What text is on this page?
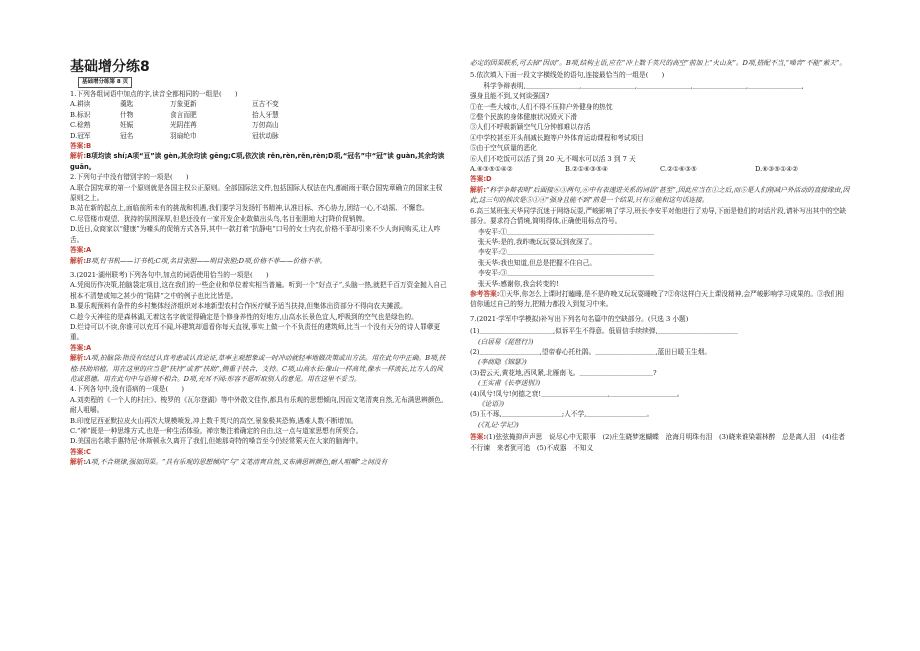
基础增分练8
基础增分练第 8 页

1.下列各组词语中加点的字,读音全都相同的一组是(　　)

A.耕读	羹匙	万象更新	亘古不变
B.标识	什物	食言而肥	拾人牙慧
C.稔熟	妊娠	光阴荏苒	万仞高山
D.冠军	冠名	羽扇纶巾	冠状动脉

答案:B

解析:B项均读 shí;A项“亘”读 gèn,其余均读 gēng;C项,依次读 rěn,rèn,rěn,rèn;D项,“冠名”中“冠”读 guàn,其余均读 guān。

2.下列句子中没有错别字的一项是(　　)

A.联合国宪章的第一个原则就是各国主权公正原则。全部国际法文件,包括国际人权法在内,都耐雨于联合国宪章确立的国家主权原则之上。

B.站在新的起点上,面临前所未有的挑战和机遇,我们要学习发扬钉书精神,认准目标、齐心协力,团结一心,不动摇、不懈怠。

C.尽管楼市观望、犹持的氛围深厚,但是还没有一家开发企业敢做出头鸟,名目张胆地大打降价促销牌。

D.近日,众商家以“健康”为噱头的促销方式各异,其中一款打着“抗静电”口号的女士内衣,价格不菲却引来不少人询问购买,让人咋舌。

答案:A

解析:B项,钉书机——订书机;C项,名目张胆——明目张胆;D项,价格不菲——价格不菲。

3.(2021·湖州联考)下列各句中,加点的词语使用恰当的一项是(　　)

A.凭阅历作决策,拍脑袋定项目,这在我们的一些企业和单位着实相当普遍。听到一个“好点子”,头脑一热,就把千百万资金抛入自己根本不清楚或知之甚少的“陷阱”之中的例子也比比皆是。

B.要乐观预料有条件的乡村集体经济组织对本地新型农村合作医疗赋予适当扶持,但集体出资部分不得向农夫摊派。

C.趁今天神往的是森林湖,无着这名字就觉得确定是个修身养性的好地方,山高水长景色宜人,呼吸到的空气也是绿色的。

D.烂诗可以不读,你谁可以充耳不闻,坏建筑却遥看你每天直视,事实上做一个不负责任的建筑师,比当一个没有天分的诗人罪孽更重。

答案:A

解析:A项,拍脑袋:指没有经过认真考虑或认真论证,草率主观想象或一时冲动就轻率地做决策或出方法。用在此句中正确。B项,扶植:扶助培植。用在这里的应当是“扶持”或者“扶助”,侧重于扶合、支持。C项,山高水长:像山一样高耸,像水一样流长,比方人的风范或恩德。用在此句中与语境不相合。D项,充耳不闻:形容不愿听取别人的意见。用在这里不妥当。

4.下列各句中,没有语病的一项是(　　)

A.刘奕程的《一个人的村庄》、梭罗的《瓦尔登湖》等中外散文佳作,都具有乐观的思想倾向,因而文笔清爽自然,无布满思辨颜色,耐人咀嚼。

B.印度尼西亚默拉皮火山再次大规模喷发,冲上数千英尺的高空,景象极其恐怖,遇难人数不断增加。

C.“禅”既是一种思维方式,也是一种生活体验。禅宗集注着确定的自由,这一点与道家思想有所契合。

D.美国出名歌手惠特尼·休斯顿永久离开了我们,但她那奇特的嗓音至今仍经常萦天在大家的脑海中。

答案:C

解析:A项,不合规律,强加因果。“具有乐观的思想倾向”与“文笔清爽自然,又布满思辨颜色,耐人咀嚼”之间没有

必定的因果联系,可去掉“因而”。B项,结构主语,应在“冲上数千英尺的高空”前加上“火山灰”。D项,搭配不当,“嗓音”不能“萦天”。

5.依次填入下面一段文字横线处的语句,连接最恰当的一组是(　　)

　　科学争辩表明,＿＿＿＿＿＿＿＿,＿＿＿＿＿＿＿＿,＿＿＿＿＿＿＿＿,＿＿＿＿＿＿＿＿,＿＿＿＿＿＿＿＿,

强身且能不到,又何谈强国?

①在一些大城市,人们不得不压抑户外健身的热忱

②整个民族的身体健康状况毁灭下滑

③人们不呼吸新颖空气几分钟都难以存活

④中学校甚至开头削减长跑等户外体育运动课程和考试项目

⑤由于空气质量的恶化

⑥人们不吃饭可以活了到 20 天,不喝水可以活 3 到 7 天

A.⑥③⑤①④②	B.②①⑥③⑤④	C.②①⑥③⑤	D.⑥③⑤①④②

答案:D

解析:“科学争辩表明”后面接⑥③两句,⑥中有表递进关系的词语“甚至”,因此应当在①之后,而⑤是人们削减户外活动的直接缘由,因此,这三句的挨次是⑤①④“强身且能不到”前是一个结果,只有②能和这句话连接。

6.高三某班张天华同学沉迷于网络玩耍,严峻影响了学习,班长李安平对他进行了劝导,下面是他们的对话片段,请补写出其中的空缺部分。要求符合情境,简明得体,正确使用标点符号。

李安平:①＿＿＿＿＿＿＿＿＿＿＿＿＿＿＿＿＿＿＿＿＿＿

张天华:是的,我昨晚玩玩耍玩到夜深了。

李安平:②＿＿＿＿＿＿＿＿＿＿＿＿＿＿＿＿＿＿＿＿＿＿

张天华:我也知道,但总是把握不住自己。

李安平:③＿＿＿＿＿＿＿＿＿＿＿＿＿＿＿＿＿＿＿＿＿＿

张天华:感谢你,我会转变的!

参考答案:①天华,你怎么上课时打瞌睡,是不是昨晚又玩玩耍睡晚了?②你这样白天上课没精神,会严峻影响学习成果的。③我们相信你通过自己的努力,把精力都投入到复习中来。

7.(2021·学军中学模拟)补写出下列名句名篇中的空缺部分。(只选 3 小题)

(1)＿＿＿＿＿＿＿＿＿＿＿,似诉平生不得意。低眉信手续续弹,＿＿＿＿＿＿＿＿＿＿＿＿

(白居易《琵琶行》)

(2)＿＿＿＿＿＿＿＿＿,望帝春心托杜鹃。＿＿＿＿＿＿＿＿＿,蓝田日暖玉生烟。

(李商隐《锦瑟》)

(3)碧云天,黄花地,西风紧,北雁南飞。＿＿＿＿＿＿＿＿＿＿＿?

(王实甫《长亭送别》)

(4)风兮!凤兮!何德之衰!＿＿＿＿＿＿＿＿＿＿,＿＿＿＿＿＿＿＿＿＿。

《论语》)

(5)玉不琢,＿＿＿＿＿＿＿＿＿;人不学,＿＿＿＿＿＿＿＿＿。

(《礼记·学记》)

答案:(1)弦弦掩抑声声思　说尽心中无限事　(2)庄生晓梦迷蝴蝶　沧海月明珠有泪　(3)晓来谁染霜林醉　总是离人泪　(4)往者不行谏　来者犹可追　(5)不成器　不知义
